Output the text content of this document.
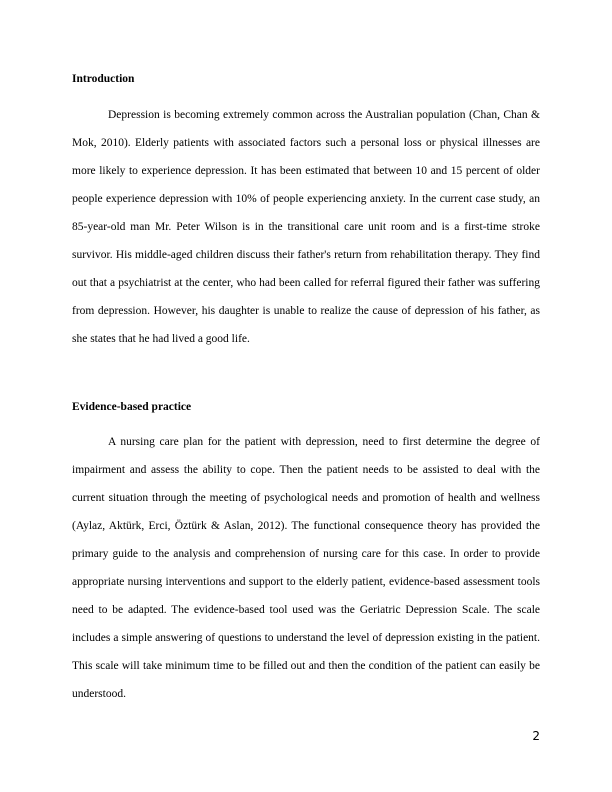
Introduction

Depression is becoming extremely common across the Australian population (Chan, Chan & Mok, 2010). Elderly patients with associated factors such a personal loss or physical illnesses are more likely to experience depression. It has been estimated that between 10 and 15 percent of older people experience depression with 10% of people experiencing anxiety. In the current case study, an 85-year-old man Mr. Peter Wilson is in the transitional care unit room and is a first-time stroke survivor. His middle-aged children discuss their father's return from rehabilitation therapy. They find out that a psychiatrist at the center, who had been called for referral figured their father was suffering from depression. However, his daughter is unable to realize the cause of depression of his father, as she states that he had lived a good life.

Evidence-based practice

A nursing care plan for the patient with depression, need to first determine the degree of impairment and assess the ability to cope. Then the patient needs to be assisted to deal with the current situation through the meeting of psychological needs and promotion of health and wellness (Aylaz, Aktürk, Erci, Öztürk & Aslan, 2012). The functional consequence theory has provided the primary guide to the analysis and comprehension of nursing care for this case. In order to provide appropriate nursing interventions and support to the elderly patient, evidence-based assessment tools need to be adapted. The evidence-based tool used was the Geriatric Depression Scale. The scale includes a simple answering of questions to understand the level of depression existing in the patient. This scale will take minimum time to be filled out and then the condition of the patient can easily be understood.

2
